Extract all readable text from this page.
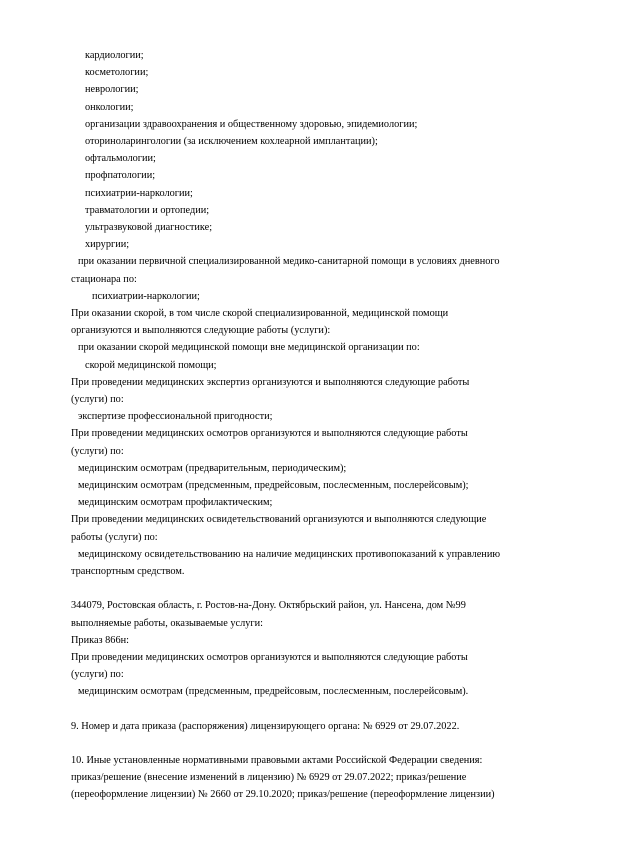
кардиологии;
косметологии;
неврологии;
онкологии;
организации здравоохранения и общественному здоровью, эпидемиологии;
оториноларингологии (за исключением кохлеарной имплантации);
офтальмологии;
профпатологии;
психиатрии-наркологии;
травматологии и ортопедии;
ультразвуковой диагностике;
хирургии;
при оказании первичной специализированной медико-санитарной помощи в условиях дневного
стационара по:
психиатрии-наркологии;
При оказании скорой, в том числе скорой специализированной, медицинской помощи
организуются и выполняются следующие работы (услуги):
при оказании скорой медицинской помощи вне медицинской организации по:
скорой медицинской помощи;
При проведении медицинских экспертиз организуются и выполняются следующие работы
(услуги) по:
экспертизе профессиональной пригодности;
При проведении медицинских осмотров организуются и выполняются следующие работы
(услуги) по:
медицинским осмотрам (предварительным, периодическим);
медицинским осмотрам (предсменным, предрейсовым, послесменным, послерейсовым);
медицинским осмотрам профилактическим;
При проведении медицинских освидетельствований организуются и выполняются следующие
работы (услуги) по:
медицинскому освидетельствованию на наличие медицинских противопоказаний к управлению
транспортным средством.
344079, Ростовская область, г. Ростов-на-Дону. Октябрьский район, ул. Нансена, дом №99
выполняемые работы, оказываемые услуги:
Приказ 866н:
При проведении медицинских осмотров организуются и выполняются следующие работы
(услуги) по:
медицинским осмотрам (предсменным, предрейсовым, послесменным, послерейсовым).
9. Номер и дата приказа (распоряжения) лицензирующего органа: № 6929 от 29.07.2022.
10. Иные установленные нормативными правовыми актами Российской Федерации сведения:
приказ/решение (внесение изменений в лицензию) № 6929 от 29.07.2022; приказ/решение
(переоформление лицензии) № 2660 от 29.10.2020; приказ/решение (переоформление лицензии)
